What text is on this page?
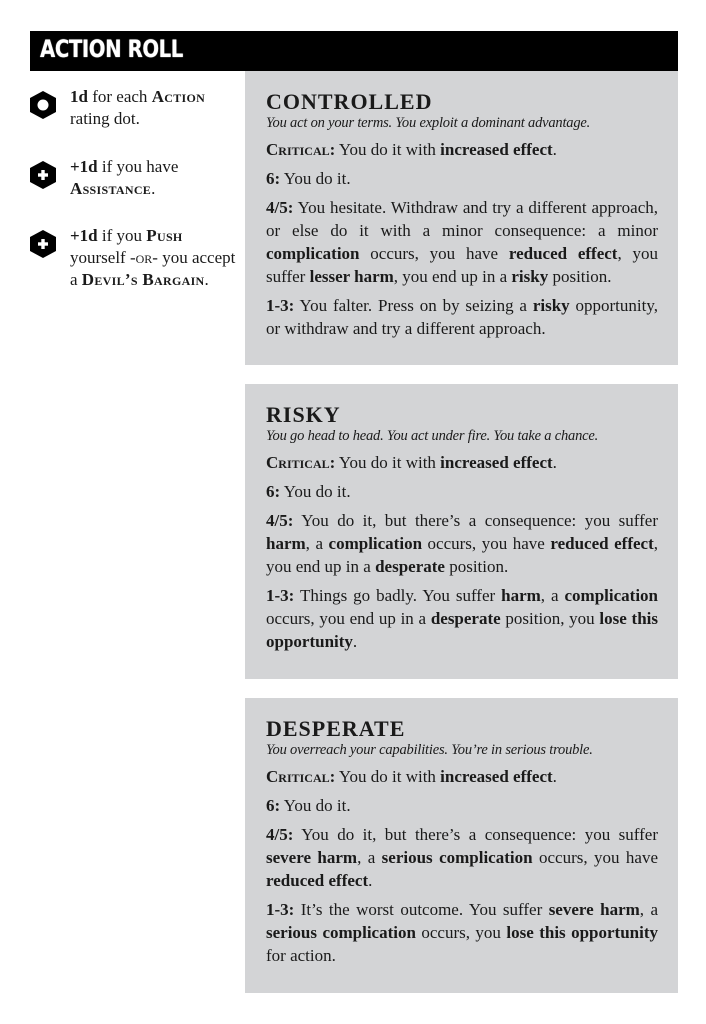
ACTION ROLL
1d for each Action rating dot.
+1d if you have Assistance.
+1d if you Push yourself -or- you accept a Devil’s Bargain.
CONTROLLED
You act on your terms. You exploit a dominant advantage.
Critical: You do it with increased effect.
6: You do it.
4/5: You hesitate. Withdraw and try a different approach, or else do it with a minor consequence: a minor complication occurs, you have reduced effect, you suffer lesser harm, you end up in a risky position.
1-3: You falter. Press on by seizing a risky opportunity, or withdraw and try a different approach.
RISKY
You go head to head. You act under fire. You take a chance.
Critical: You do it with increased effect.
6: You do it.
4/5: You do it, but there’s a consequence: you suffer harm, a complication occurs, you have reduced effect, you end up in a desperate position.
1-3: Things go badly. You suffer harm, a complication occurs, you end up in a desperate position, you lose this opportunity.
DESPERATE
You overreach your capabilities. You’re in serious trouble.
Critical: You do it with increased effect.
6: You do it.
4/5: You do it, but there’s a consequence: you suffer severe harm, a serious complication occurs, you have reduced effect.
1-3: It’s the worst outcome. You suffer severe harm, a serious complication occurs, you lose this opportunity for action.
